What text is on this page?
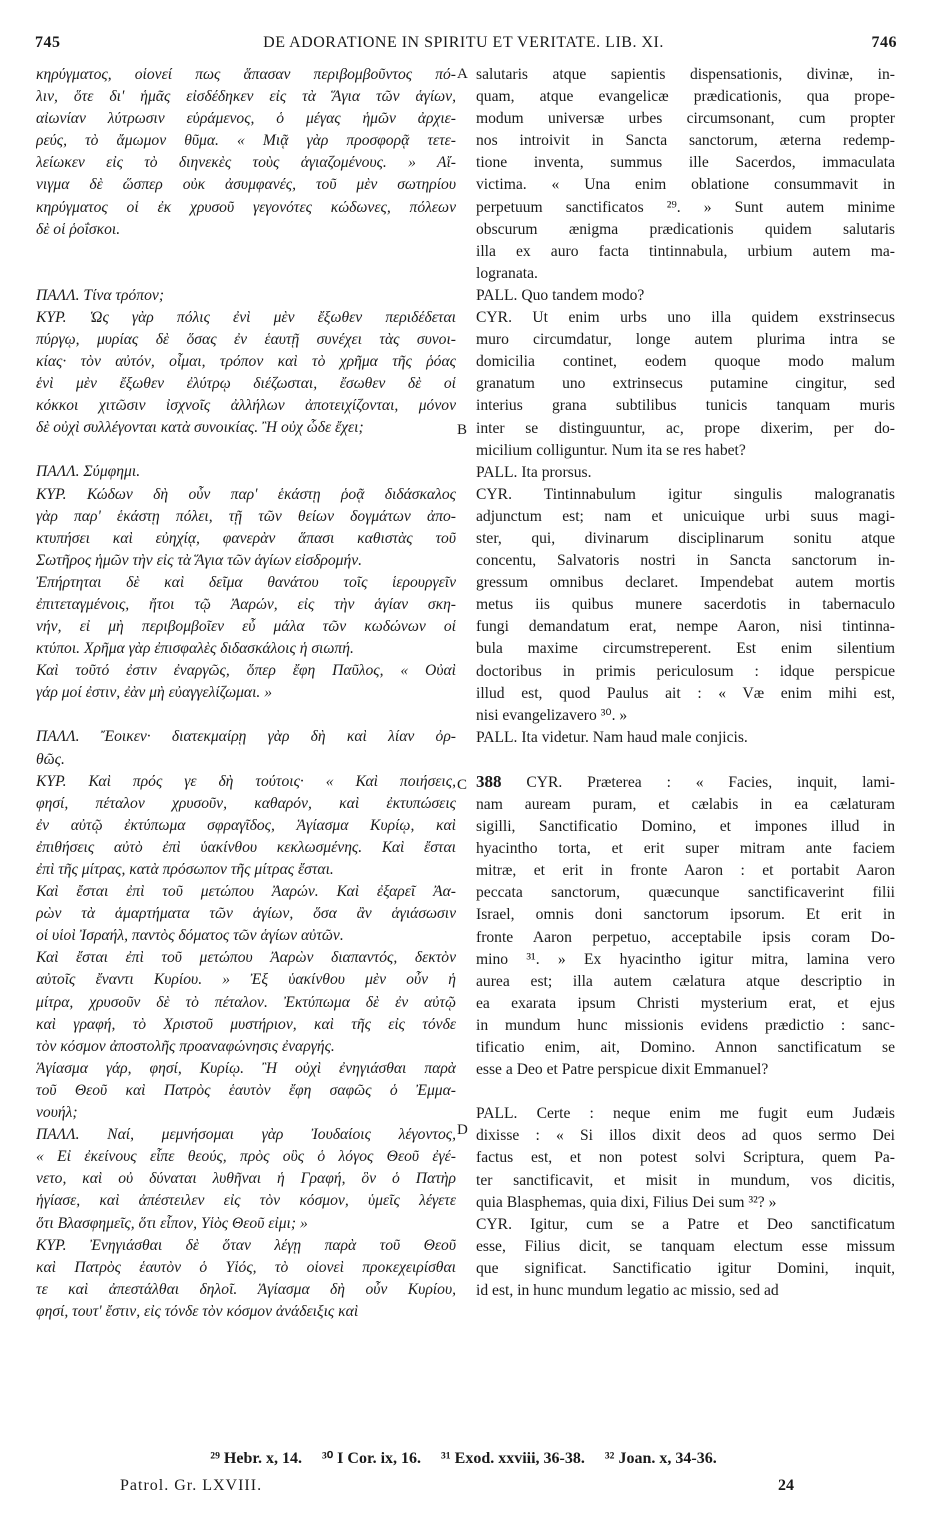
745	DE ADORATIONE IN SPIRITU ET VERITATE. LIB. XI.	746
κηρύγματος, οἱονεί πως ἅπασαν περιβομβοῦντος πό-
λιν, ὅτε δι' ἡμᾶς εἰσδέδηκεν εἰς τὰ Ἅγια τῶν ἁγίων,
αἰωνίαν λύτρωσιν εὑράμενος, ὁ μέγας ἡμῶν ἀρχιε-
ρεύς, τὸ ἄμωμον θῦμα. « Μιᾷ γὰρ προσφορᾷ τετε-
λείωκεν εἰς τὸ διηνεκὲς τοὺς ἁγιαζομένους. » Αἴ-
νιγμα δὲ ὥσπερ οὐκ ἀσυμφανές, τοῦ μὲν σωτηρίου
κηρύγματος οἱ ἐκ χρυσοῦ γεγονότες κώδωνες, πόλεων
δὲ οἱ ῥοΐσκοι.
ΠΑΛΛ. Τίνα τρόπον;
ΚΥΡ. Ὡς γὰρ πόλις ἐνὶ μὲν ἔξωθεν περιδέδεται
πύργῳ, μυρίας δὲ ὅσας ἐν ἑαυτῇ συνέχει τὰς συνοι-
κίας· τὸν αὐτόν, οἶμαι, τρόπον καὶ τὸ χρῆμα τῆς ῥόας
ἑνὶ μὲν ἔξωθεν ἐλύτρῳ διέζωσται, ἔσωθεν δὲ οἱ
κόκκοι χιτῶσιν ἰσχνοῖς ἀλλήλων ἀποτειχίζονται, μόνον
δὲ οὐχὶ συλλέγονται κατὰ συνοικίας. Ἢ οὐχ ὧδε ἔχει;
ΠΑΛΛ. Σύμφημι.
ΚΥΡ. Κώδων δὴ οὖν παρ' ἑκάστῃ ῥοᾷ διδάσκαλος
γὰρ παρ' ἑκάστῃ πόλει, τῇ τῶν θείων δογμάτων ἀπο-
κτυπήσει καὶ εὐηχίᾳ, φανερὰν ἅπασι καθιστὰς τοῦ
Σωτῆρος ἡμῶν τὴν εἰς τὰ Ἅγια τῶν ἁγίων εἰσδρομήν.
Ἐπήρτηται δὲ καὶ δεῖμα θανάτου τοῖς ἱερουργεῖν
ἐπιτεταγμένοις, ἤτοι τῷ Ἀαρών, εἰς τὴν ἁγίαν σκη-
νήν, εἰ μὴ περιβομβοῖεν εὖ μάλα τῶν κωδώνων οἱ
κτύποι. Χρῆμα γὰρ ἐπισφαλὲς διδασκάλοις ἡ σιωπή.
Καὶ τοῦτό ἐστιν ἐναργῶς, ὅπερ ἔφη Παῦλος, « Οὐαὶ
γάρ μοί ἐστιν, ἐὰν μὴ εὐαγγελίζωμαι. »
ΠΑΛΛ. Ἔοικεν· διατεκμαίρῃ γὰρ δὴ καὶ λίαν ὀρ-
θῶς.
ΚΥΡ. Καὶ πρός γε δὴ τούτοις· « Καὶ ποιήσεις,
φησί, πέταλον χρυσοῦν, καθαρόν, καὶ ἐκτυπώσεις
ἐν αὐτῷ ἐκτύπωμα σφραγῖδος, Ἁγίασμα Κυρίῳ, καὶ
ἐπιθήσεις αὐτὸ ἐπὶ ὑακίνθου κεκλωσμένης. Καὶ ἔσται
ἐπὶ τῆς μίτρας, κατὰ πρόσωπον τῆς μίτρας ἔσται.
Καὶ ἔσται ἐπὶ τοῦ μετώπου Ἀαρών. Καὶ ἐξαρεῖ Ἀα-
ρὼν τὰ ἁμαρτήματα τῶν ἁγίων, ὅσα ἂν ἁγιάσωσιν
οἱ υἱοὶ Ἰσραήλ, παντὸς δόματος τῶν ἁγίων αὐτῶν.
Καὶ ἔσται ἐπὶ τοῦ μετώπου Ἀαρὼν διαπαντός, δεκτὸν
αὐτοῖς ἔναντι Κυρίου. » Ἐξ ὑακίνθου μὲν οὖν ἡ
μίτρα, χρυσοῦν δὲ τὸ πέταλον. Ἐκτύπωμα δὲ ἐν αὐτῷ
καὶ γραφή, τὸ Χριστοῦ μυστήριον, καὶ τῆς εἰς τόνδε
τὸν κόσμον ἀποστολῆς προαναφώνησις ἐναργής.
Ἁγίασμα γάρ, φησί, Κυρίῳ. Ἢ οὐχὶ ἐνηγιάσθαι παρὰ
τοῦ Θεοῦ καὶ Πατρὸς ἑαυτὸν ἔφη σαφῶς ὁ Ἐμμα-
νουήλ;
ΠΑΛΛ. Ναί, μεμνήσομαι γὰρ Ἰουδαίοις λέγοντος,
« Εἰ ἐκείνους εἶπε θεούς, πρὸς οὓς ὁ λόγος Θεοῦ ἐγέ-
νετο, καὶ οὐ δύναται λυθῆναι ἡ Γραφή, ὃν ὁ Πατὴρ
ἡγίασε, καὶ ἀπέστειλεν εἰς τὸν κόσμον, ὑμεῖς λέγετε
ὅτι Βλασφημεῖς, ὅτι εἶπον, Υἱὸς Θεοῦ εἰμι; »
ΚΥΡ. Ἐνηγιάσθαι δὲ ὅταν λέγῃ παρὰ τοῦ Θεοῦ
καὶ Πατρὸς ἑαυτὸν ὁ Υἱός, τὸ οἱονεὶ προκεχειρίσθαι
τε καὶ ἀπεστάλθαι δηλοῖ. Ἁγίασμα δὴ οὖν Κυρίου,
φησί, τουτ' ἔστιν, εἰς τόνδε τὸν κόσμον ἀνάδειξις καὶ
salutaris atque sapientis dispensationis, divinæ, in-
quam, atque evangelicæ prædicationis, qua prope-
modum universæ urbes circumsonant, cum propter
nos introivit in Sancta sanctorum, æterna redemp-
tione inventa, summus ille Sacerdos, immaculata
victima. « Una enim oblatione consummavit in
perpetuum sanctificatos ²⁹. » Sunt autem minime
obscurum ænigma prædicationis quidem salutaris
illa ex auro facta tintinnabula, urbium autem ma-
logranata.
PALL. Quo tandem modo?
CYR. Ut enim urbs uno illa quidem exstrinsecus
muro circumdatur, longe autem plurima intra se
domicilia continet, eodem quoque modo malum
granatum uno extrinsecus putamine cingitur, sed
interius grana subtilibus tunicis tanquam muris
inter se distinguuntur, ac, prope dixerim, per do-
micilium colliguntur. Num ita se res habet?
PALL. Ita prorsus.
CYR. Tintinnabulum igitur singulis malogranatis
adjunctum est; nam et unicuique urbi suus magi-
ster, qui, divinarum disciplinarum sonitu atque
concentu, Salvatoris nostri in Sancta sanctorum in-
gressum omnibus declaret. Impendebat autem mortis
metus iis quibus munere sacerdotis in tabernaculo
fungi demandatum erat, nempe Aaron, nisi tintinna-
bula maxime circumstreperent. Est enim silentium
doctoribus in primis periculosum : idque perspicue
illud est, quod Paulus ait : « Væ enim mihi est,
nisi evangelizavero ³⁰. »
PALL. Ita videtur. Nam haud male conjicis.
388 CYR. Præterea : « Facies, inquit, lami-
nam auream puram, et cælabis in ea cælaturam
sigilli, Sanctificatio Domino, et impones illud in
hyacintho torta, et erit super mitram ante faciem
mitræ, et erit in fronte Aaron : et portabit Aaron
peccata sanctorum, quæcunque sanctificaverint filii
Israel, omnis doni sanctorum ipsorum. Et erit in
fronte Aaron perpetuo, acceptabile ipsis coram Do-
mino ³¹. » Ex hyacintho igitur mitra, lamina vero
aurea est; illa autem cælatura atque descriptio in
ea exarata ipsum Christi mysterium erat, et ejus
in mundum hunc missionis evidens prædictio : sanc-
tificatio enim, ait, Domino. Annon sanctificatum se
esse a Deo et Patre perspicue dixit Emmanuel?
PALL. Certe : neque enim me fugit eum Judæis
dixisse : « Si illos dixit deos ad quos sermo Dei
factus est, et non potest solvi Scriptura, quem Pa-
ter sanctificavit, et misit in mundum, vos dicitis,
quia Blasphemas, quia dixi, Filius Dei sum ³²? »
CYR. Igitur, cum se a Patre et Deo sanctificatum
esse, Filius dicit, se tanquam electum esse missum
que significat. Sanctificatio igitur Domini, inquit,
id est, in hunc mundum legatio ac missio, sed ad
A
B
C
D
²⁹ Hebr. x, 14. ³⁰ I Cor. ix, 16. ³¹ Exod. xxviii, 36-38. ³² Joan. x, 34-36.
Patrol. Gr. LXVIII.	24
